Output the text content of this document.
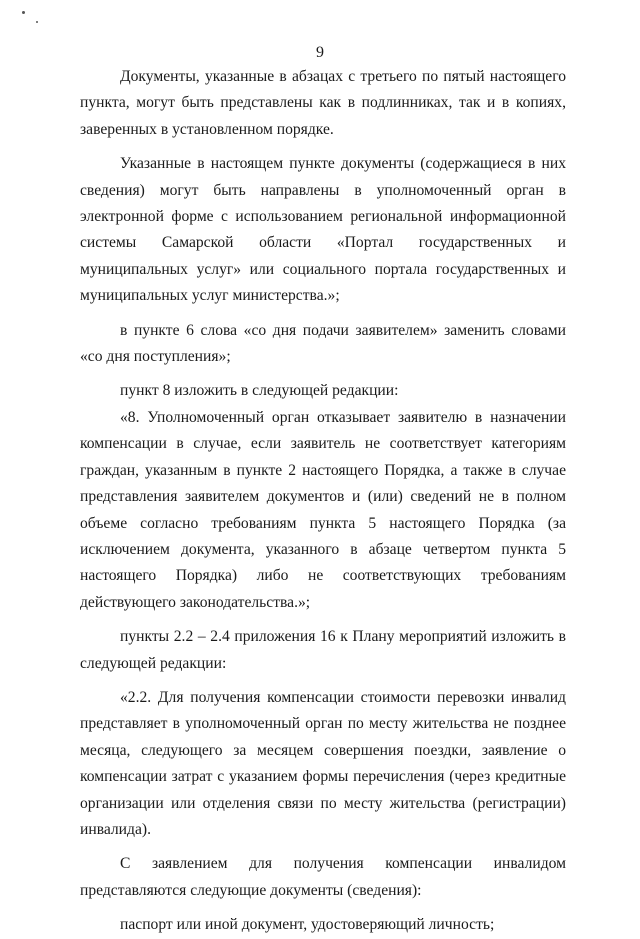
9

Документы, указанные в абзацах с третьего по пятый настоящего пункта, могут быть представлены как в подлинниках, так и в копиях, заверенных в установленном порядке.

Указанные в настоящем пункте документы (содержащиеся в них сведения) могут быть направлены в уполномоченный орган в электронной форме с использованием региональной информационной системы Самарской области «Портал государственных и муниципальных услуг» или социального портала государственных и муниципальных услуг министерства.»;

в пункте 6 слова «со дня подачи заявителем» заменить словами «со дня поступления»;

пункт 8 изложить в следующей редакции:

«8. Уполномоченный орган отказывает заявителю в назначении компенсации в случае, если заявитель не соответствует категориям граждан, указанным в пункте 2 настоящего Порядка, а также в случае представления заявителем документов и (или) сведений не в полном объеме согласно требованиям пункта 5 настоящего Порядка (за исключением документа, указанного в абзаце четвертом пункта 5 настоящего Порядка) либо не соответствующих требованиям действующего законодательства.»;

пункты 2.2 – 2.4 приложения 16 к Плану мероприятий изложить в следующей редакции:

«2.2. Для получения компенсации стоимости перевозки инвалид представляет в уполномоченный орган по месту жительства не позднее месяца, следующего за месяцем совершения поездки, заявление о компенсации затрат с указанием формы перечисления (через кредитные организации или отделения связи по месту жительства (регистрации) инвалида).

С заявлением для получения компенсации инвалидом представляются следующие документы (сведения):

паспорт или иной документ, удостоверяющий личность;
